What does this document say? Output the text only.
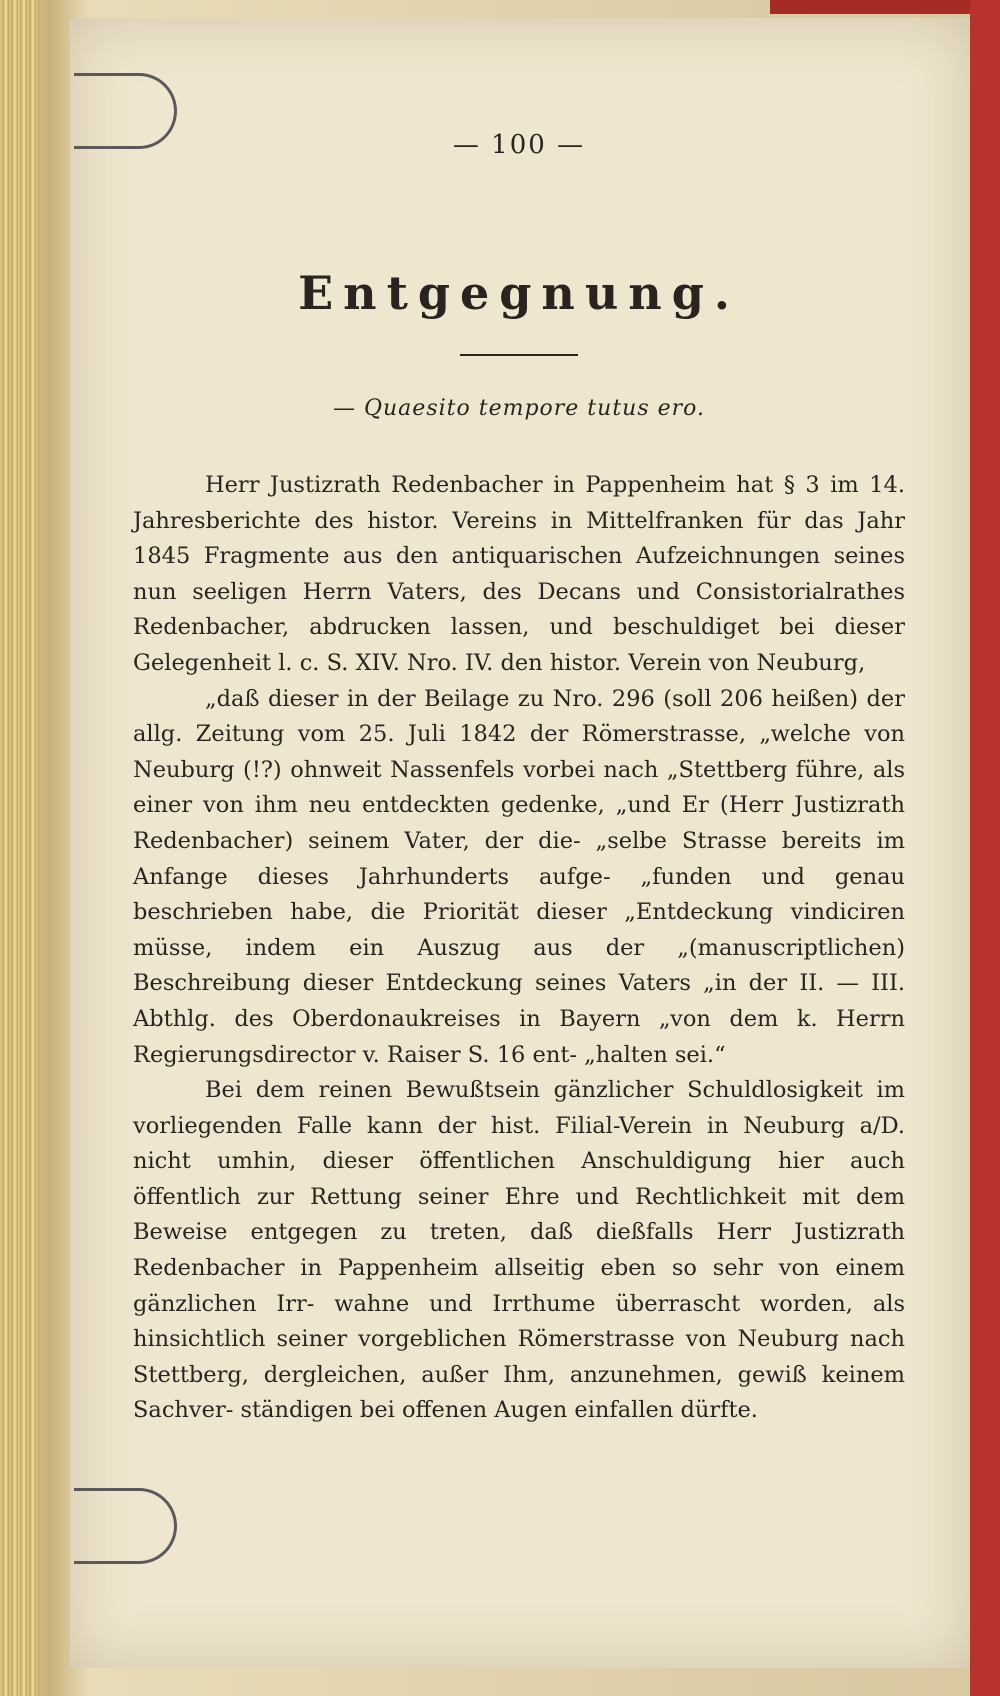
— 100 —
Entgegnung.
— Quaesito tempore tutus ero.

Herr Justizrath Redenbacher in Pappenheim hat § 3 im 14. Jahresberichte des histor. Vereins in Mittelfranken für das Jahr 1845 Fragmente aus den antiquarischen Aufzeichnungen seines nun seeligen Herrn Vaters, des Decans und Consistorialrathes Redenbacher, abdrucken lassen, und beschuldiget bei dieser Gelegenheit l. c. S. XIV. Nro. IV. den histor. Verein von Neuburg,

„daß dieser in der Beilage zu Nro. 296 (soll 206 heißen) der allg. Zeitung vom 25. Juli 1842 der Römerstrasse, „welche von Neuburg (!?) ohnweit Nassenfels vorbei nach „Stettberg führe, als einer von ihm neu entdeckten gedenke, „und Er (Herr Justizrath Redenbacher) seinem Vater, der die- „selbe Strasse bereits im Anfange dieses Jahrhunderts aufge- „funden und genau beschrieben habe, die Priorität dieser „Entdeckung vindiciren müsse, indem ein Auszug aus der „(manuscriptlichen) Beschreibung dieser Entdeckung seines Vaters „in der II. — III. Abthlg. des Oberdonaukreises in Bayern „von dem k. Herrn Regierungsdirector v. Raiser S. 16 ent- „halten sei.“

Bei dem reinen Bewußtsein gänzlicher Schuldlosigkeit im vorliegenden Falle kann der hist. Filial-Verein in Neuburg a/D. nicht umhin, dieser öffentlichen Anschuldigung hier auch öffentlich zur Rettung seiner Ehre und Rechtlichkeit mit dem Beweise entgegen zu treten, daß dießfalls Herr Justizrath Redenbacher in Pappenheim allseitig eben so sehr von einem gänzlichen Irr- wahne und Irrthume überrascht worden, als hinsichtlich seiner vorgeblichen Römerstrasse von Neuburg nach Stettberg, dergleichen, außer Ihm, anzunehmen, gewiß keinem Sachver- ständigen bei offenen Augen einfallen dürfte.
